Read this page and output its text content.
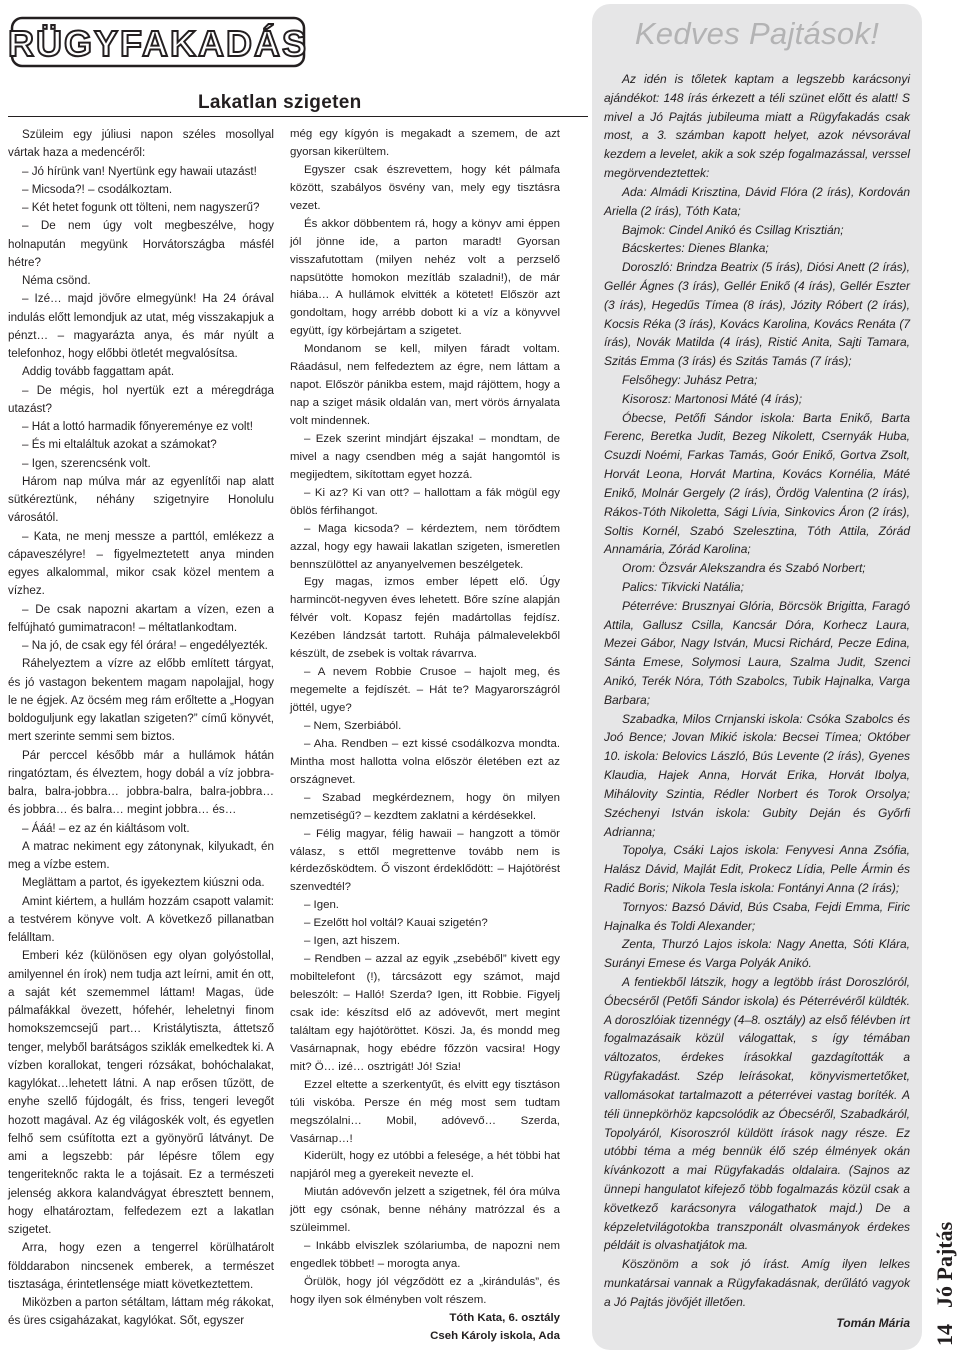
RÜGYFAKADÁS
Lakatlan szigeten

Szüleim egy júliusi napon széles mosollyal vártak haza a medencéről:

– Jó hírünk van! Nyertünk egy hawaii utazást!

– Micsoda?! – csodálkoztam.

– Két hetet fogunk ott tölteni, nem nagyszerű?

– De nem úgy volt megbeszélve, hogy holnapután megyünk Horvátországba másfél hétre?

Néma csönd.

– Izé… majd jövőre elmegyünk! Ha 24 órával indulás előtt lemondjuk az utat, még visszakapjuk a pénzt… – magyarázta anya, és már nyúlt a telefonhoz, hogy előbbi ötletét megvalósítsa.

Addig tovább faggattam apát.

– De mégis, hol nyertük ezt a méregdrága utazást?

– Hát a lottó harmadik főnyereménye ez volt!

– És mi eltaláltuk azokat a számokat?

– Igen, szerencsénk volt.

Három nap múlva már az egyenlítői nap alatt sütkéreztünk, néhány szigetnyire Honolulu városától.

– Kata, ne menj messze a parttól, emlékezz a cápaveszélyre! – figyelmeztetett anya minden egyes alkalommal, mikor csak közel mentem a vízhez.

– De csak napozni akartam a vízen, ezen a felfújható gumimatracon! – méltatlankodtam.

– Na jó, de csak egy fél órára! – engedélyezték.

Ráhelyeztem a vízre az előbb említett tárgyat, és jó vastagon bekentem magam napolajjal, hogy le ne égjek. Az öcsém meg rám erőltette a „Hogyan boldoguljunk egy lakatlan szigeten?” című könyvét, mert szerinte semmi sem biztos.

Pár perccel később már a hullámok hátán ringatóztam, és élveztem, hogy dobál a víz jobbra-balra, balra-jobbra… jobbra-balra, balra-jobbra… és jobbra… és balra… megint jobbra… és…

– Ááá! – ez az én kiáltásom volt.

A matrac nekiment egy zátonynak, kilyukadt, én meg a vízbe estem.

Meglättam a partot, és igyekeztem kiúszni oda.

Amint kiértem, a hullám hozzám csapott valamit: a testvérem könyve volt. A következő pillanatban felálltam.

Emberi kéz (különösen egy olyan golyóstollal, amilyennel én írok) nem tudja azt leírni, amit én ott, a saját két szememmel láttam! Magas, üde pálmafákkal övezett, hófehér, leheletnyi finom homokszemcsejű part… Kristálytiszta, áttetsző tenger, melyből barátságos sziklák emelkedtek ki. A vízben korallokat, tengeri rózsákat, bohóchalakat, kagylókat…lehetett látni. A nap erősen tűzött, de enyhe szellő fújdogált, és friss, tengeri levegőt hozott magával. Az ég világoskék volt, és egyetlen felhő sem csúfította ezt a gyönyörű látványt. De ami a legszebb: pár lépésre tőlem egy tengeriteknőc rakta le a tojásait. Ez a természeti jelenség akkora kalandvágyat ébresztett bennem, hogy elhatároztam, felfedezem ezt a lakatlan szigetet.

Arra, hogy ezen a tengerrel körülhatárolt földdarabon nincsenek emberek, a természet tisztasága, érintetlensége miatt következtettem.

Miközben a parton sétáltam, láttam még rákokat, és üres csigaházakat, kagylókat. Sőt, egyszer

még egy kígyón is megakadt a szemem, de azt gyorsan kikerültem.

Egyszer csak észrevettem, hogy két pálmafa között, szabályos ösvény van, mely egy tisztásra vezet.

És akkor döbbentem rá, hogy a könyv ami éppen jól jönne ide, a parton maradt! Gyorsan visszafutottam (milyen nehéz volt a perzselő napsütötte homokon mezítláb szaladni!), de már hiába… A hullámok elvitték a kötetet! Először azt gondoltam, hogy arrébb dobott ki a víz a könyvvel együtt, így körbejártam a szigetet.

Mondanom se kell, milyen fáradt voltam. Ráadásul, nem felfedeztem az égre, nem láttam a napot. Először pánikba estem, majd rájöttem, hogy a nap a sziget másik oldalán van, mert vörös árnyalata volt mindennek.

– Ezek szerint mindjárt éjszaka! – mondtam, de mivel a nagy csendben még a saját hangomtól is megijedtem, sikítottam egyet hozzá.

– Ki az? Ki van ott? – hallottam a fák mögül egy öblös férfihangot.

– Maga kicsoda? – kérdeztem, nem törődtem azzal, hogy egy hawaii lakatlan szigeten, ismeretlen bennszülöttel az anyanyelvemen beszélgetek.

Egy magas, izmos ember lépett elő. Úgy harmincöt-negyven éves lehetett. Bőre színe alapján félvér volt. Kopasz fején madártollas fejdísz. Kezében lándzsát tartott. Ruhája pálmalevelekből készült, de zsebek is voltak rávarrva.

– A nevem Robbie Crusoe – hajolt meg, és megemelte a fejdíszét. – Hát te? Magyarországról jöttél, ugye?

– Nem, Szerbiából.

– Aha. Rendben – ezt kissé csodálkozva mondta. Mintha most hallotta volna először életében ezt az országnevet.

– Szabad megkérdeznem, hogy ön milyen nemzetiségű? – kezdtem zaklatni a kérdésekkel.

– Félig magyar, félig hawaii – hangzott a tömör válasz, s ettől megrettenve tovább nem is kérdezősködtem. Ő viszont érdeklődött: – Hajótörést szenvedtél?

– Igen.

– Ezelőtt hol voltál? Kauai szigetén?

– Igen, azt hiszem.

– Rendben – azzal az egyik „zsebéből” kivett egy mobiltelefont (!), tárcsázott egy számot, majd beleszólt: – Halló! Szerda? Igen, itt Robbie. Figyelj csak ide: készítsd elő az adóvevőt, mert megint találtam egy hajótöröttet. Köszi. Ja, és mondd meg Vasárnapnak, hogy ebédre főzzön vacsira! Hogy mit? Ö… izé… osztrigát! Jó! Szia!

Ezzel eltette a szerkentyűt, és elvitt egy tisztáson túli viskóba. Persze én még most sem tudtam megszólalni… Mobil, adóvevő… Szerda, Vasárnap…!

Kiderült, hogy ez utóbbi a felesége, a hét többi hat napjáról meg a gyerekeit nevezte el.

Miután adóvevőn jelzett a szigetnek, fél óra múlva jött egy csónak, benne néhány matrózzal és a szüleimmel.

– Inkább elviszlek szólariumba, de napozni nem engedlek többet! – morogta anya.

Örülök, hogy jól végződött ez a „kirándulás”, és hogy ilyen sok élményben volt részem.

Tóth Kata, 6. osztály

Cseh Károly iskola, Ada

Kedves Pajtások!

Az idén is tőletek kaptam a legszebb karácsonyi ajándékot: 148 írás érkezett a téli szünet előtt és alatt! S mivel a Jó Pajtás jubileuma miatt a Rügyfakadás csak most, a 3. számban kapott helyet, azok névsorával kezdem a levelet, akik a sok szép fogalmazással, verssel megörvendeztettek:

Ada: Almádi Krisztina, Dávid Flóra (2 írás), Kordován Ariella (2 írás), Tóth Kata;

Bajmok: Cindel Anikó és Csillag Krisztián;

Bácskertes: Dienes Blanka;

Doroszló: Brindza Beatrix (5 írás), Diósi Anett (2 írás), Gellér Ágnes (3 írás), Gellér Enikő (4 írás), Gellér Eszter (3 írás), Hegedűs Tímea (8 írás), Józity Róbert (2 írás), Kocsis Réka (3 írás), Kovács Karolina, Kovács Renáta (7 írás), Novák Matilda (4 írás), Ristić Anita, Sajti Tamara, Szitás Emma (3 írás) és Szitás Tamás (7 írás);

Felsőhegy: Juhász Petra;

Kisorosz: Martonosi Máté (4 írás);

Óbecse, Petőfi Sándor iskola: Barta Enikő, Barta Ferenc, Beretka Judit, Bezeg Nikolett, Csernyák Huba, Csuzdi Noémi, Farkas Tamás, Goór Enikő, Gortva Zsolt, Horvát Leona, Horvát Martina, Kovács Kornélia, Máté Enikő, Molnár Gergely (2 írás), Ördög Valentina (2 írás), Rákos-Tóth Nikoletta, Sági Lívia, Sinkovics Áron (2 írás), Soltis Kornél, Szabó Szelesztina, Tóth Attila, Zórád Annamária, Zórád Karolina;

Orom: Özsvár Alekszandra és Szabó Norbert;

Palics: Tikvicki Natália;

Péterréve: Brusznyai Glória, Börcsök Brigitta, Faragó Attila, Gallusz Csilla, Kancsár Dóra, Korhecz Laura, Mezei Gábor, Nagy István, Mucsi Richárd, Pecze Edina, Sánta Emese, Solymosi Laura, Szalma Judit, Szenci Anikó, Terék Nóra, Tóth Szabolcs, Tubik Hajnalka, Varga Barbara;

Szabadka, Milos Crnjanski iskola: Csóka Szabolcs és Joó Bence; Jovan Mikić iskola: Becsei Tímea; Október 10. iskola: Belovics László, Bús Levente (2 írás), Gyenes Klaudia, Hajek Anna, Horvát Erika, Horvát Ibolya, Mihálovity Szintia, Rédler Norbert és Torok Orsolya; Széchenyi István iskola: Gubity Deján és Győrfi Adrianna;

Topolya, Csáki Lajos iskola: Fenyvesi Anna Zsófia, Halász Dávid, Majlát Edit, Prokecz Lídia, Pelle Ármin és Radić Boris; Nikola Tesla iskola: Fontányi Anna (2 írás);

Tornyos: Bazsó Dávid, Bús Csaba, Fejdi Emma, Firic Hajnalka és Toldi Alexander;

Zenta, Thurzó Lajos iskola: Nagy Anetta, Sóti Klára, Surányi Emese és Varga Polyák Anikó.

A fentiekből látszik, hogy a legtöbb írást Doroszlóról, Óbecséről (Petőfi Sándor iskola) és Péterrévéről küldték. A doroszlóiak tizennégy (4–8. osztály) az első félévben írt fogalmazásaik közül válogattak, s így témában változatos, érdekes írásokkal gazdagították a Rügyfakadást. Szép leírásokat, könyvismertetőket, vallomásokat tartalmazott a péterrévei vastag boríték. A téli ünnepkörhöz kapcsolódik az Óbecséről, Szabadkáról, Topolyáról, Kisoroszról küldött írások nagy része. Ez utóbbi téma a még bennük élő szép élmények okán kívánkozott a mai Rügyfakadás oldalaira. (Sajnos az ünnepi hangulatot kifejező több fogalmazás közül csak a következő karácsonyra válogathatok majd.) De a képzeletvilágotokba transzponált olvasmányok érdekes példáit is olvashatjátok ma.

Köszönöm a sok jó írást. Amíg ilyen lelkes munkatársai vannak a Rügyfakadásnak, derűlátó vagyok a Jó Pajtás jövőjét illetően.

Tomán Mária

14
Jó Pajtás
